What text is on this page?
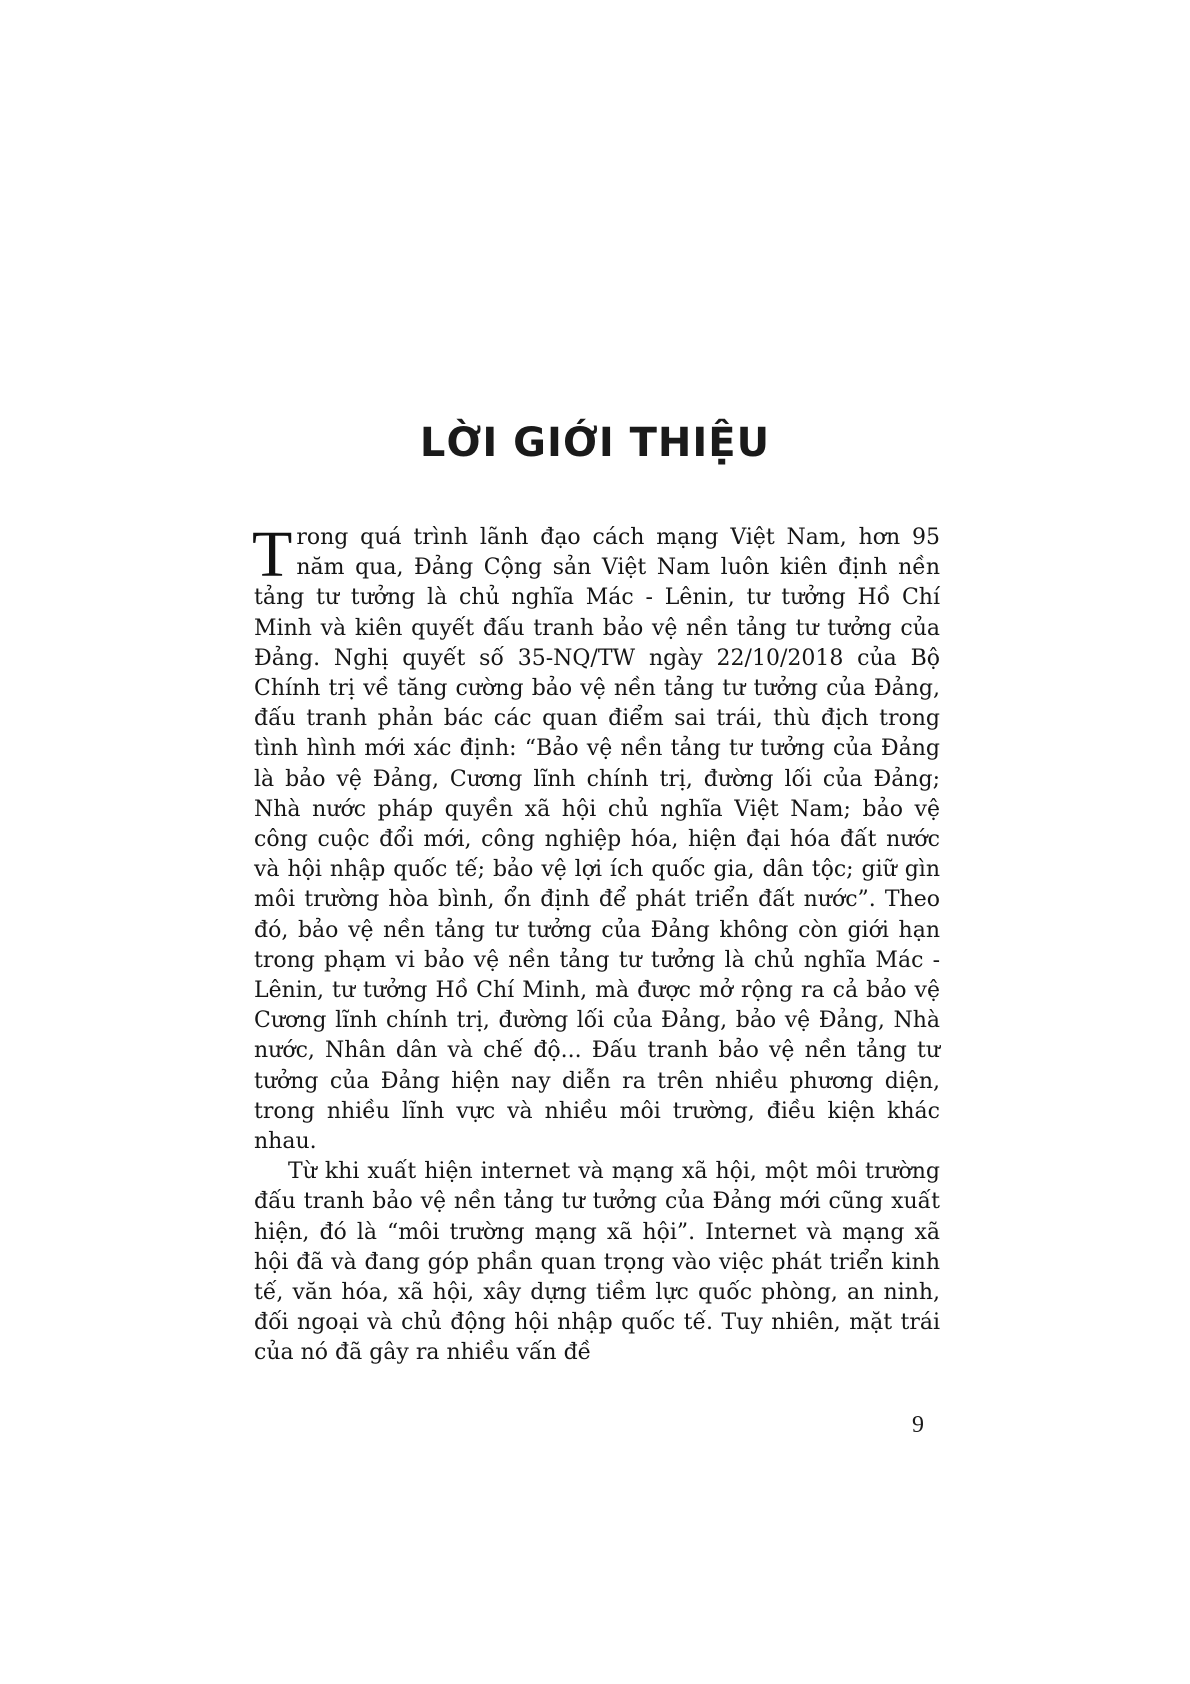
LỜI GIỚI THIỆU

Trong quá trình lãnh đạo cách mạng Việt Nam, hơn 95 năm qua, Đảng Cộng sản Việt Nam luôn kiên định nền tảng tư tưởng là chủ nghĩa Mác - Lênin, tư tưởng Hồ Chí Minh và kiên quyết đấu tranh bảo vệ nền tảng tư tưởng của Đảng. Nghị quyết số 35-NQ/TW ngày 22/10/2018 của Bộ Chính trị về tăng cường bảo vệ nền tảng tư tưởng của Đảng, đấu tranh phản bác các quan điểm sai trái, thù địch trong tình hình mới xác định: “Bảo vệ nền tảng tư tưởng của Đảng là bảo vệ Đảng, Cương lĩnh chính trị, đường lối của Đảng; Nhà nước pháp quyền xã hội chủ nghĩa Việt Nam; bảo vệ công cuộc đổi mới, công nghiệp hóa, hiện đại hóa đất nước và hội nhập quốc tế; bảo vệ lợi ích quốc gia, dân tộc; giữ gìn môi trường hòa bình, ổn định để phát triển đất nước”. Theo đó, bảo vệ nền tảng tư tưởng của Đảng không còn giới hạn trong phạm vi bảo vệ nền tảng tư tưởng là chủ nghĩa Mác - Lênin, tư tưởng Hồ Chí Minh, mà được mở rộng ra cả bảo vệ Cương lĩnh chính trị, đường lối của Đảng, bảo vệ Đảng, Nhà nước, Nhân dân và chế độ... Đấu tranh bảo vệ nền tảng tư tưởng của Đảng hiện nay diễn ra trên nhiều phương diện, trong nhiều lĩnh vực và nhiều môi trường, điều kiện khác nhau.

Từ khi xuất hiện internet và mạng xã hội, một môi trường đấu tranh bảo vệ nền tảng tư tưởng của Đảng mới cũng xuất hiện, đó là “môi trường mạng xã hội”. Internet và mạng xã hội đã và đang góp phần quan trọng vào việc phát triển kinh tế, văn hóa, xã hội, xây dựng tiềm lực quốc phòng, an ninh, đối ngoại và chủ động hội nhập quốc tế. Tuy nhiên, mặt trái của nó đã gây ra nhiều vấn đề

9
